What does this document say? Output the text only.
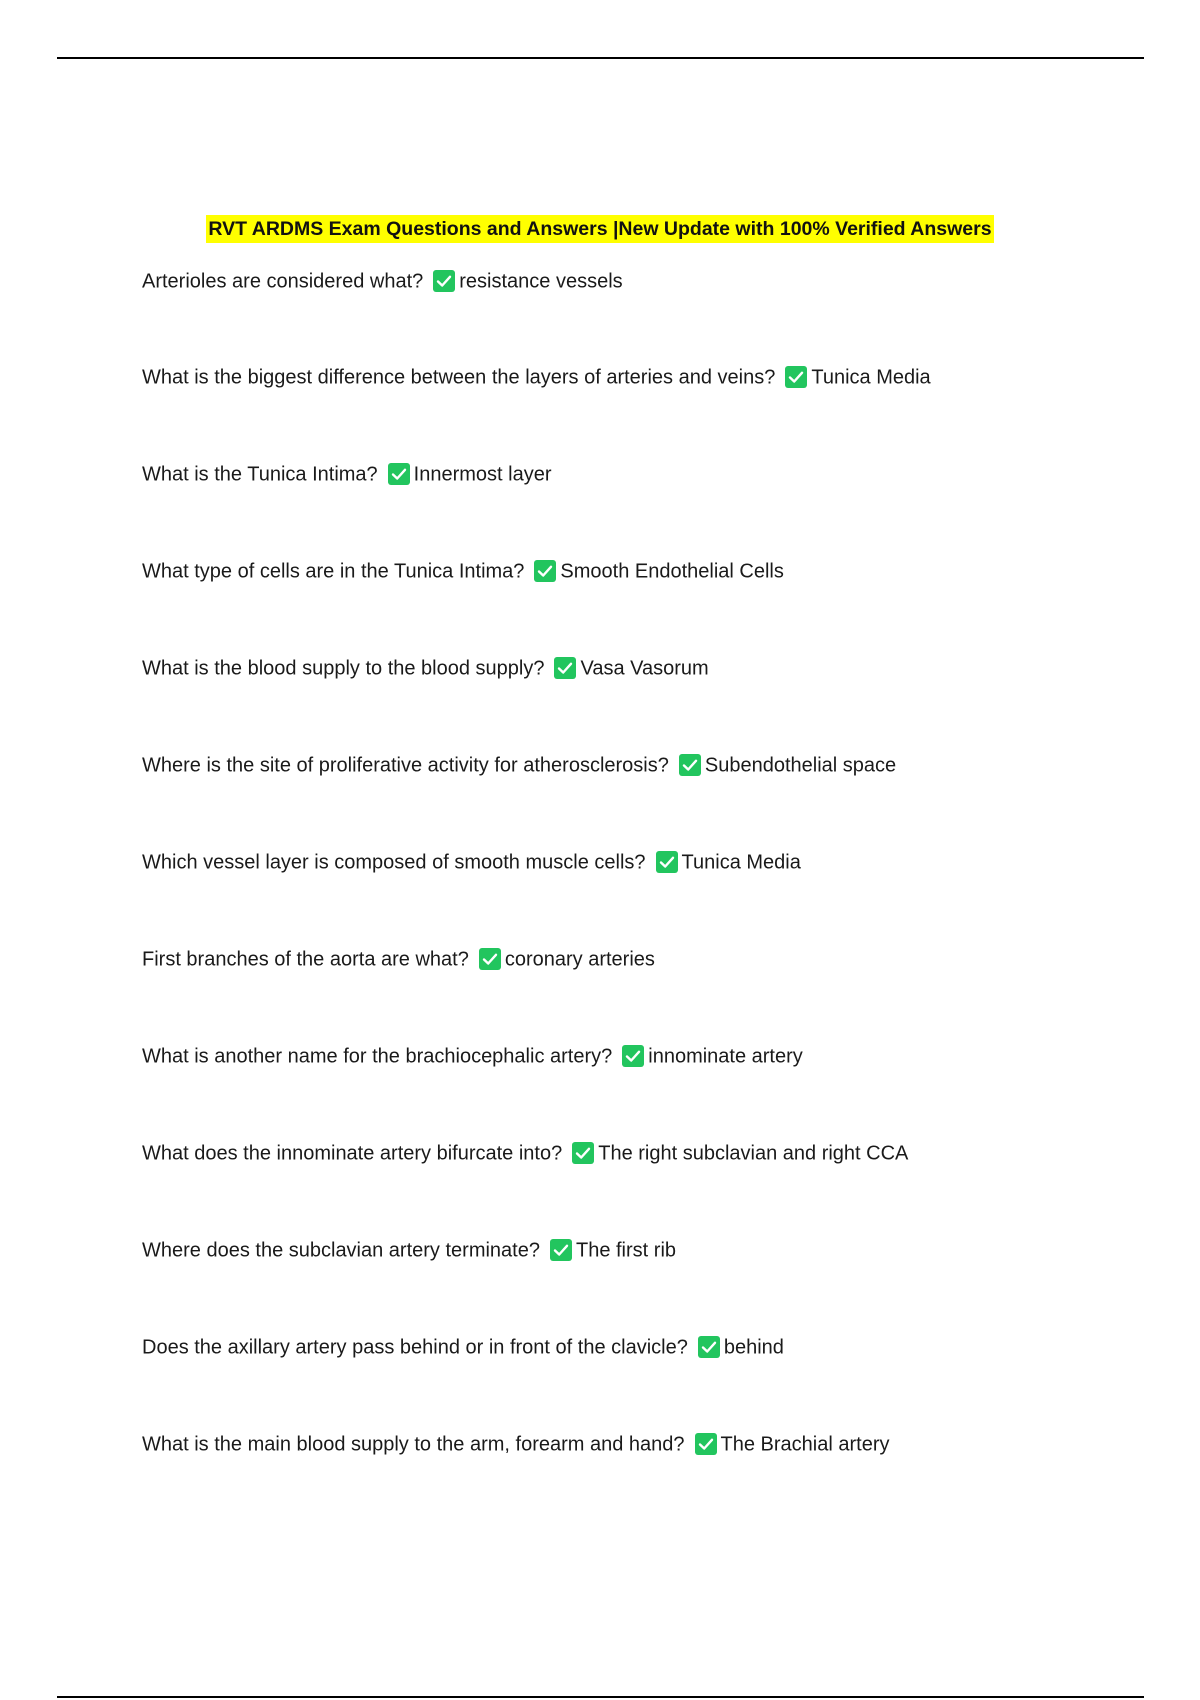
RVT ARDMS Exam Questions and Answers |New Update with 100% Verified Answers
Arterioles are considered what? resistance vessels
What is the biggest difference between the layers of arteries and veins? Tunica Media
What is the Tunica Intima? Innermost layer
What type of cells are in the Tunica Intima? Smooth Endothelial Cells
What is the blood supply to the blood supply? Vasa Vasorum
Where is the site of proliferative activity for atherosclerosis? Subendothelial space
Which vessel layer is composed of smooth muscle cells? Tunica Media
First branches of the aorta are what? coronary arteries
What is another name for the brachiocephalic artery? innominate artery
What does the innominate artery bifurcate into? The right subclavian and right CCA
Where does the subclavian artery terminate? The first rib
Does the axillary artery pass behind or in front of the clavicle? behind
What is the main blood supply to the arm, forearm and hand? The Brachial artery
